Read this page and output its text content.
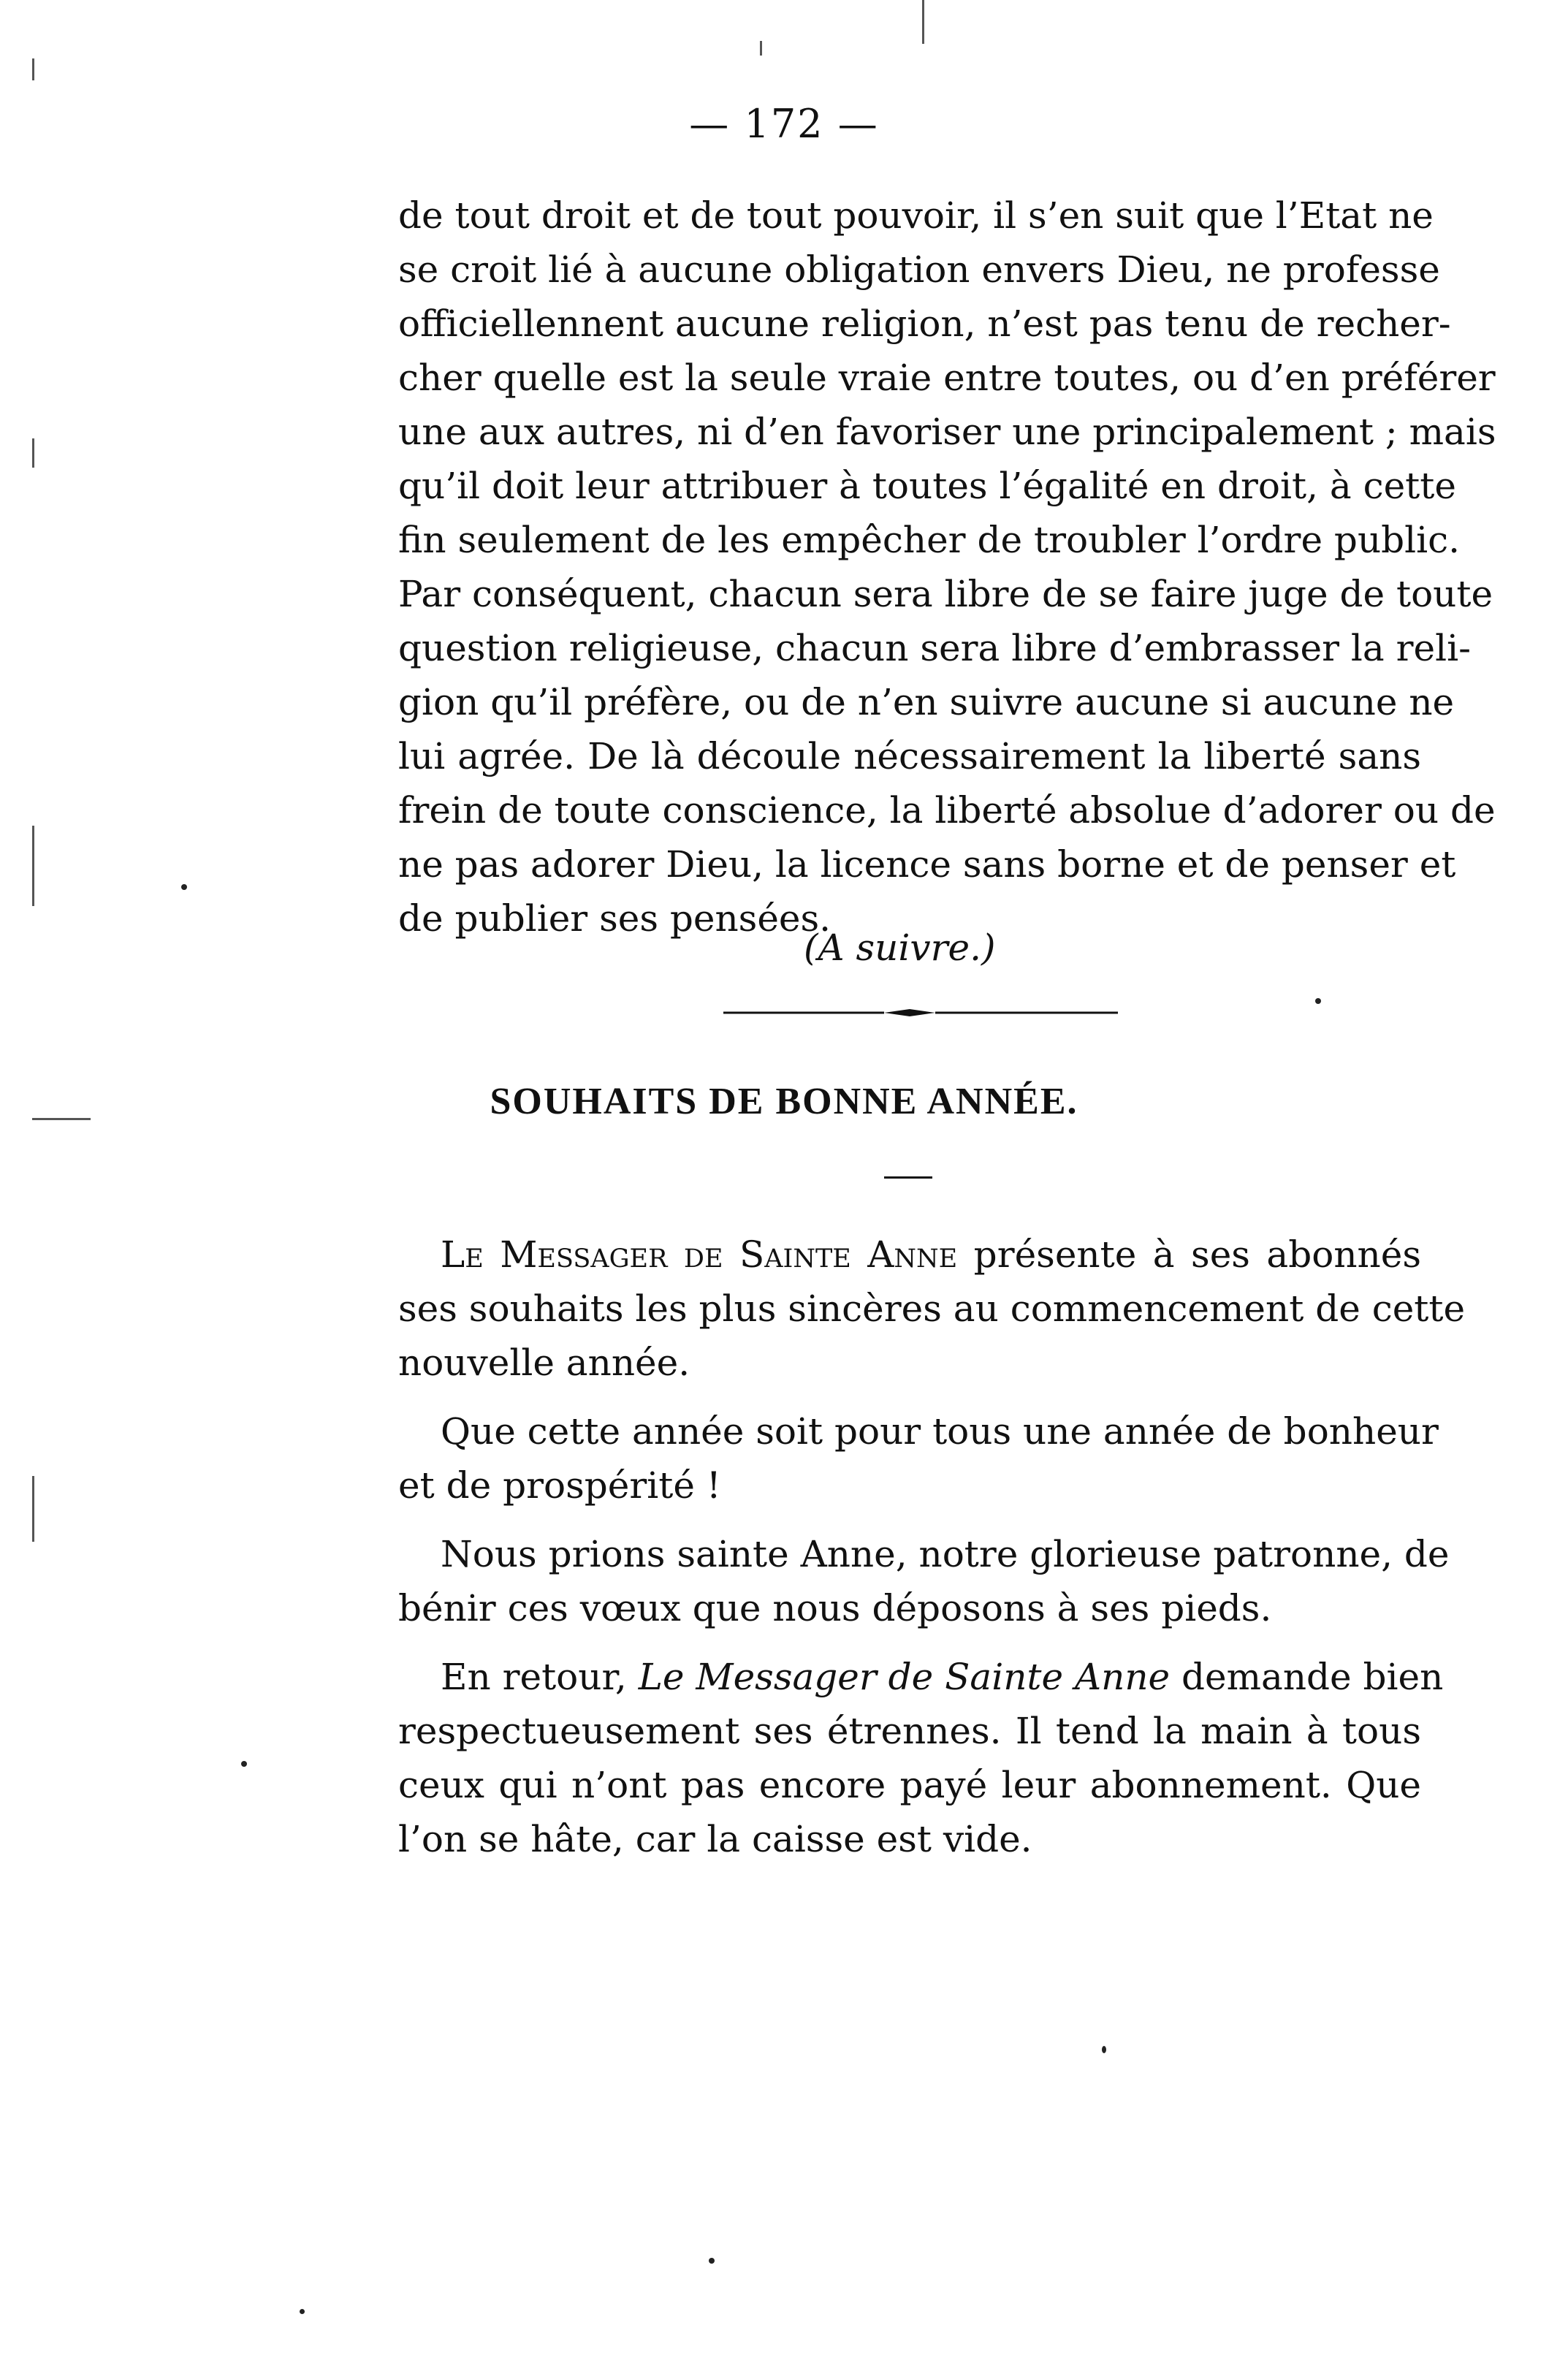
— 172 —
de tout droit et de tout pouvoir, il s’en suit que l’Etat ne
se croit lié à aucune obligation envers Dieu, ne professe
officiellennent aucune religion, n’est pas tenu de recher-
cher quelle est la seule vraie entre toutes, ou d’en préférer
une aux autres, ni d’en favoriser une principalement ; mais
qu’il doit leur attribuer à toutes l’égalité en droit, à cette
fin seulement de les empêcher de troubler l’ordre public.
Par conséquent, chacun sera libre de se faire juge de toute
question religieuse, chacun sera libre d’embrasser la reli-
gion qu’il préfère, ou de n’en suivre aucune si aucune ne
lui agrée. De là découle nécessairement la liberté sans
frein de toute conscience, la liberté absolue d’adorer ou de
ne pas adorer Dieu, la licence sans borne et de penser et
de publier ses pensées.
(A suivre.)
SOUHAITS DE BONNE ANNÉE.
Le Messager de Sainte Anne présente à ses abonnés
ses souhaits les plus sincères au commencement de cette
nouvelle année.
Que cette année soit pour tous une année de bonheur
et de prospérité !
Nous prions sainte Anne, notre glorieuse patronne, de
bénir ces vœux que nous déposons à ses pieds.
En retour, Le Messager de Sainte Anne demande bien
respectueusement ses étrennes. Il tend la main à tous
ceux qui n’ont pas encore payé leur abonnement. Que
l’on se hâte, car la caisse est vide.
